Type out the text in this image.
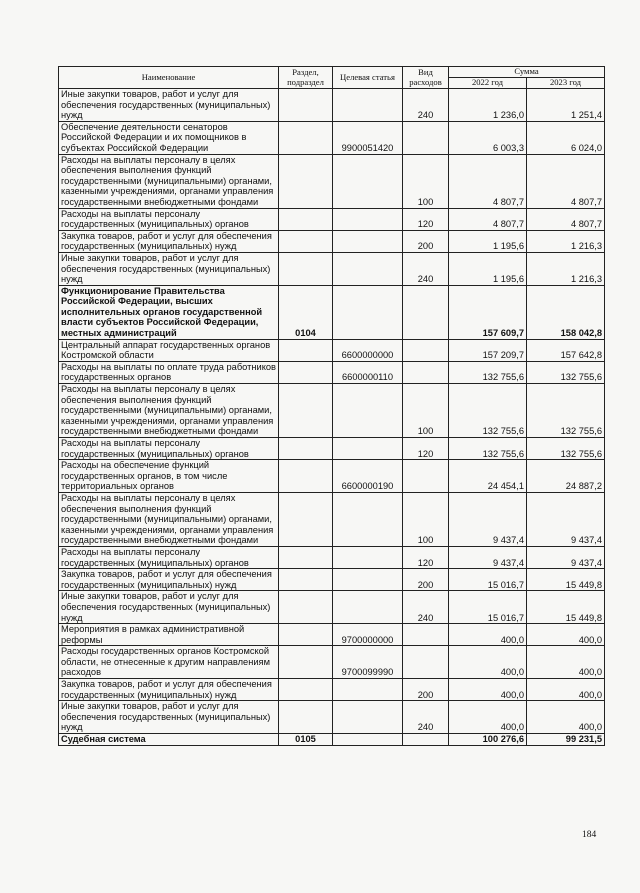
Наименование	Раздел, подраздел	Целевая статья	Вид расходов	Сумма	
				2022 год	2023 год
Иные закупки товаров, работ и услуг для обеспечения государственных (муниципальных) нужд			240	1 236,0	1 251,4
Обеспечение деятельности сенаторов Российской Федерации и их помощников в субъектах Российской Федерации		9900051420		6 003,3	6 024,0
Расходы на выплаты персоналу в целях обеспечения выполнения функций государственными (муниципальными) органами, казенными учреждениями, органами управления государственными внебюджетными фондами			100	4 807,7	4 807,7
Расходы на выплаты персоналу государственных (муниципальных) органов			120	4 807,7	4 807,7
Закупка товаров, работ и услуг для обеспечения государственных (муниципальных) нужд			200	1 195,6	1 216,3
Иные закупки товаров, работ и услуг для обеспечения государственных (муниципальных) нужд			240	1 195,6	1 216,3
Функционирование Правительства Российской Федерации, высших исполнительных органов государственной власти субъектов Российской Федерации, местных администраций	0104			157 609,7	158 042,8
Центральный аппарат государственных органов Костромской области		6600000000		157 209,7	157 642,8
Расходы на выплаты по оплате труда работников государственных органов		6600000110		132 755,6	132 755,6
Расходы на выплаты персоналу в целях обеспечения выполнения функций государственными (муниципальными) органами, казенными учреждениями, органами управления государственными внебюджетными фондами			100	132 755,6	132 755,6
Расходы на выплаты персоналу государственных (муниципальных) органов			120	132 755,6	132 755,6
Расходы на обеспечение функций государственных органов, в том числе территориальных органов		6600000190		24 454,1	24 887,2
Расходы на выплаты персоналу в целях обеспечения выполнения функций государственными (муниципальными) органами, казенными учреждениями, органами управления государственными внебюджетными фондами			100	9 437,4	9 437,4
Расходы на выплаты персоналу государственных (муниципальных) органов			120	9 437,4	9 437,4
Закупка товаров, работ и услуг для обеспечения государственных (муниципальных) нужд			200	15 016,7	15 449,8
Иные закупки товаров, работ и услуг для обеспечения государственных (муниципальных) нужд			240	15 016,7	15 449,8
Мероприятия в рамках административной реформы		9700000000		400,0	400,0
Расходы государственных органов Костромской области, не отнесенные к другим направлениям расходов		9700099990		400,0	400,0
Закупка товаров, работ и услуг для обеспечения государственных (муниципальных) нужд			200	400,0	400,0
Иные закупки товаров, работ и услуг для обеспечения государственных (муниципальных) нужд			240	400,0	400,0
Судебная система	0105			100 276,6	99 231,5
184
